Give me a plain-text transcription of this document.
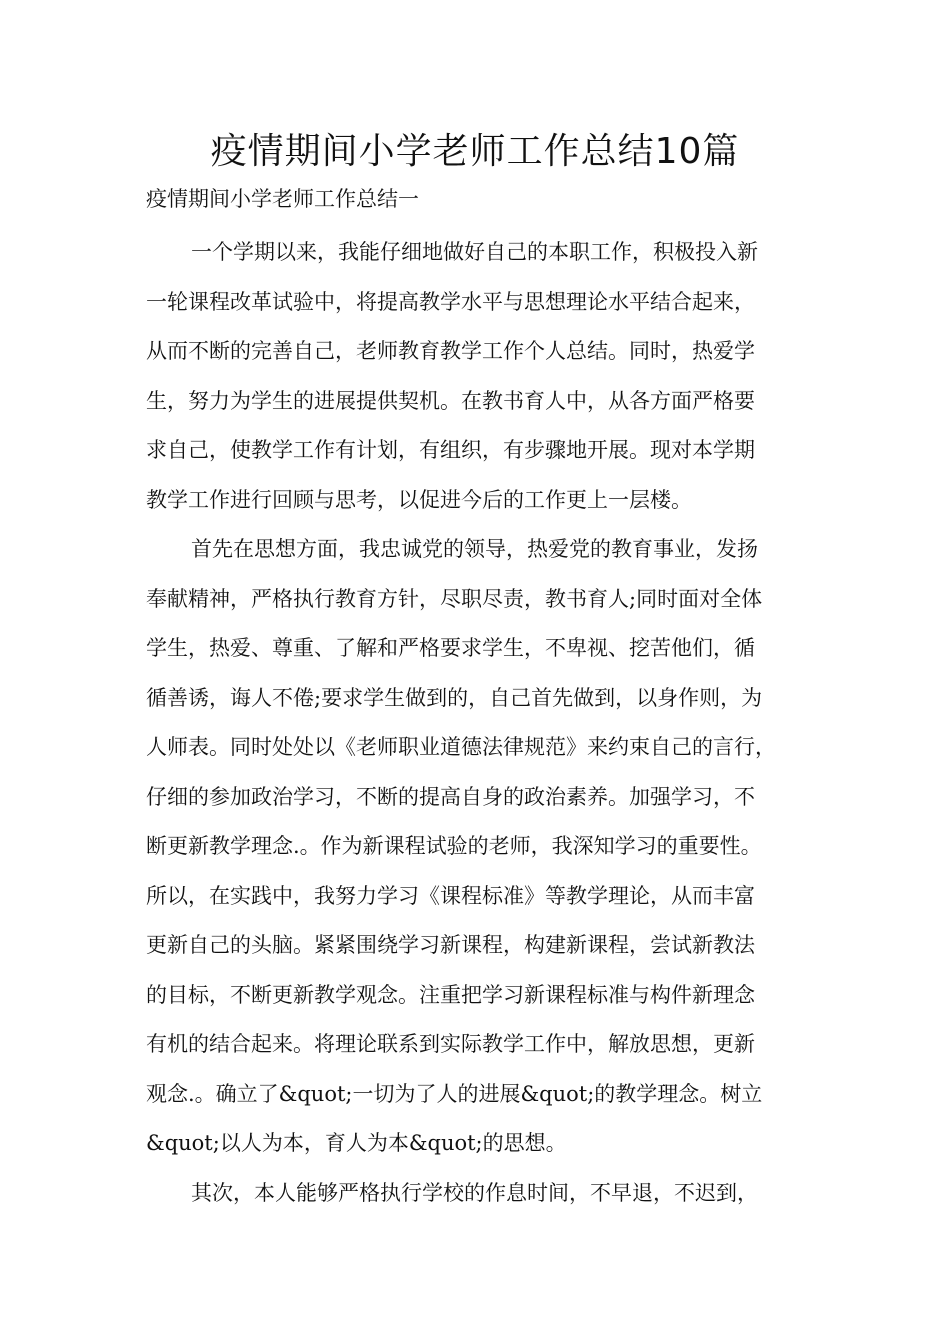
疫情期间小学老师工作总结10篇

疫情期间小学老师工作总结一

一个学期以来，我能仔细地做好自己的本职工作，积极投入新
一轮课程改革试验中，将提高教学水平与思想理论水平结合起来，
从而不断的完善自己，老师教育教学工作个人总结。同时，热爱学
生，努力为学生的进展提供契机。在教书育人中，从各方面严格要
求自己，使教学工作有计划，有组织，有步骤地开展。现对本学期
教学工作进行回顾与思考，以促进今后的工作更上一层楼。

首先在思想方面，我忠诚党的领导，热爱党的教育事业，发扬
奉献精神，严格执行教育方针，尽职尽责，教书育人;同时面对全体
学生，热爱、尊重、了解和严格要求学生，不卑视、挖苦他们，循
循善诱，诲人不倦;要求学生做到的，自己首先做到，以身作则，为
人师表。同时处处以《老师职业道德法律规范》来约束自己的言行，
仔细的参加政治学习，不断的提高自身的政治素养。加强学习，不
断更新教学理念.。作为新课程试验的老师，我深知学习的重要性。
所以，在实践中，我努力学习《课程标准》等教学理论，从而丰富
更新自己的头脑。紧紧围绕学习新课程，构建新课程，尝试新教法
的目标，不断更新教学观念。注重把学习新课程标准与构件新理念
有机的结合起来。将理论联系到实际教学工作中，解放思想，更新
观念.。确立了&quot;一切为了人的进展&quot;的教学理念。树立
&quot;以人为本，育人为本&quot;的思想。

其次，本人能够严格执行学校的作息时间，不早退，不迟到，
